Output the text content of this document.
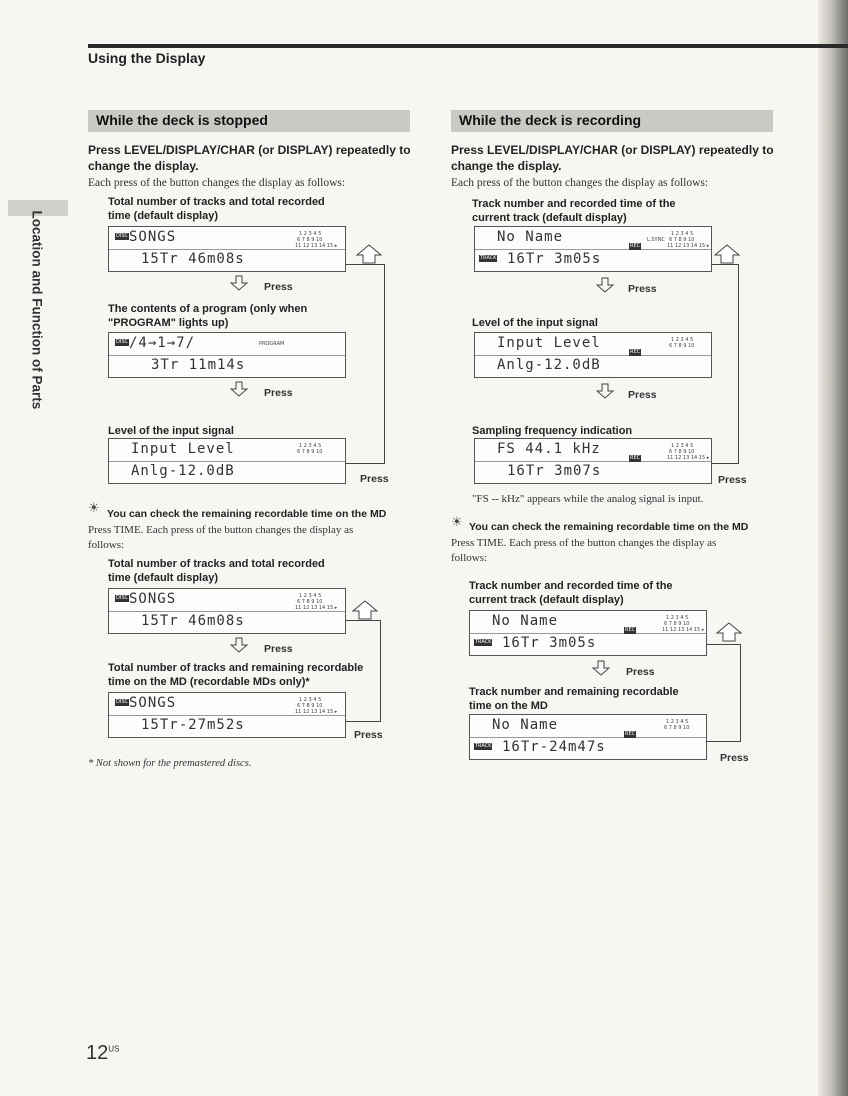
Using the Display
Location and Function of Parts
While the deck is stopped
Press LEVEL/DISPLAY/CHAR (or DISPLAY) repeatedly to
change the display.
Each press of the button changes the display as follows:
Total number of tracks and total recorded
time (default display)
DISC SONGS
15Tr 46m08s
1 2 3 4 5
6 7 8 9 10
11 12 13 14 15 ▸
Press
The contents of a program (only when
"PROGRAM" lights up)
DISC /4→1→7/	PROGRAM
3Tr 11m14s
Press
Level of the input signal
Input Level
Anlg-12.0dB
1 2 3 4 5
6 7 8 9 10
Press
☀ You can check the remaining recordable time on the MD
Press TIME. Each press of the button changes the display as
follows:
Total number of tracks and total recorded
time (default display)
DISC SONGS
15Tr 46m08s
1 2 3 4 5
6 7 8 9 10
11 12 13 14 15 ▸
Press
Total number of tracks and remaining recordable
time on the MD (recordable MDs only)*
DISC SONGS
15Tr-27m52s
1 2 3 4 5
6 7 8 9 10
11 12 13 14 15 ▸
Press
* Not shown for the premastered discs.
While the deck is recording
Press LEVEL/DISPLAY/CHAR (or DISPLAY) repeatedly to
change the display.
Each press of the button changes the display as follows:
Track number and recorded time of the
current track (default display)
No Name
TRACK 16Tr 3m05s
L.SYNC
REC
1 2 3 4 5
6 7 8 9 10
11 12 13 14 15 ▸
Press
Level of the input signal
Input Level
Anlg-12.0dB
REC
1 2 3 4 5
6 7 8 9 10
Press
Sampling frequency indication
FS 44.1 kHz
16Tr 3m07s
REC
1 2 3 4 5
6 7 8 9 10
11 12 13 14 15 ▸
Press
"FS -- kHz" appears while the analog signal is input.
☀ You can check the remaining recordable time on the MD
Press TIME. Each press of the button changes the display as
follows:
Track number and recorded time of the
current track (default display)
No Name
TRACK 16Tr 3m05s
REC
1 2 3 4 5
6 7 8 9 10
11 12 13 14 15 ▸
Press
Track number and remaining recordable
time on the MD
No Name
TRACK 16Tr-24m47s
REC
1 2 3 4 5
6 7 8 9 10
Press
$12^{US}$
